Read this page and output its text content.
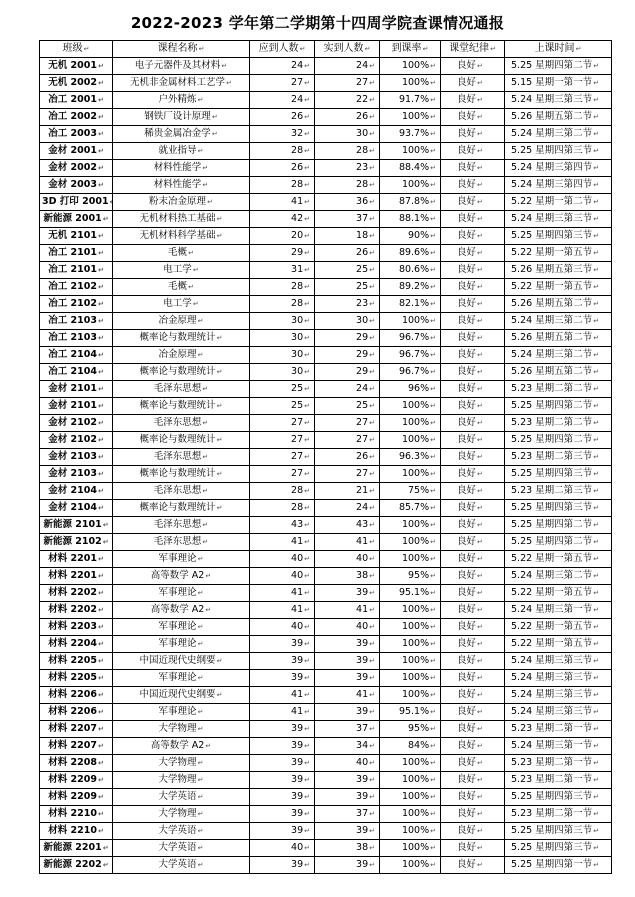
2022-2023 学年第二学期第十四周学院查课情况通报
班级 ↵	课程名称 ↵	应到人数 ↵	实到人数 ↵	到课率 ↵	课堂纪律 ↵	上课时间 ↵
无机 2001 ↵	电子元器件及其材料 ↵	24 ↵	24 ↵	100% ↵	良好 ↵	5.25 星期四第二节 ↵
无机 2002 ↵	无机非金属材料工艺学 ↵	27 ↵	27 ↵	100% ↵	良好 ↵	5.15 星期一第一节 ↵
冶工 2001 ↵	户外精炼 ↵	24 ↵	22 ↵	91.7% ↵	良好 ↵	5.24 星期三第三节 ↵
冶工 2002 ↵	钢铁厂设计原理 ↵	26 ↵	26 ↵	100% ↵	良好 ↵	5.26 星期五第二节 ↵
冶工 2003 ↵	稀贵金属冶金学 ↵	32 ↵	30 ↵	93.7% ↵	良好 ↵	5.24 星期三第二节 ↵
金材 2001 ↵	就业指导 ↵	28 ↵	28 ↵	100% ↵	良好 ↵	5.25 星期四第三节 ↵
金材 2002 ↵	材料性能学 ↵	26 ↵	23 ↵	88.4% ↵	良好 ↵	5.24 星期三第四节 ↵
金材 2003 ↵	材料性能学 ↵	28 ↵	28 ↵	100% ↵	良好 ↵	5.24 星期三第四节 ↵
3D 打印 2001 ↵	粉末冶金原理 ↵	41 ↵	36 ↵	87.8% ↵	良好 ↵	5.22 星期一第二节 ↵
新能源 2001 ↵	无机材料热工基础 ↵	42 ↵	37 ↵	88.1% ↵	良好 ↵	5.24 星期三第三节 ↵
无机 2101 ↵	无机材料科学基础 ↵	20 ↵	18 ↵	90% ↵	良好 ↵	5.25 星期四第三节 ↵
冶工 2101 ↵	毛概 ↵	29 ↵	26 ↵	89.6% ↵	良好 ↵	5.22 星期一第五节 ↵
冶工 2101 ↵	电工学 ↵	31 ↵	25 ↵	80.6% ↵	良好 ↵	5.26 星期五第三节 ↵
冶工 2102 ↵	毛概 ↵	28 ↵	25 ↵	89.2% ↵	良好 ↵	5.22 星期一第五节 ↵
冶工 2102 ↵	电工学 ↵	28 ↵	23 ↵	82.1% ↵	良好 ↵	5.26 星期五第二节 ↵
冶工 2103 ↵	冶金原理 ↵	30 ↵	30 ↵	100% ↵	良好 ↵	5.24 星期三第二节 ↵
冶工 2103 ↵	概率论与数理统计 ↵	30 ↵	29 ↵	96.7% ↵	良好 ↵	5.26 星期五第二节 ↵
冶工 2104 ↵	冶金原理 ↵	30 ↵	29 ↵	96.7% ↵	良好 ↵	5.24 星期三第二节 ↵
冶工 2104 ↵	概率论与数理统计 ↵	30 ↵	29 ↵	96.7% ↵	良好 ↵	5.26 星期五第二节 ↵
金材 2101 ↵	毛泽东思想 ↵	25 ↵	24 ↵	96% ↵	良好 ↵	5.23 星期二第二节 ↵
金材 2101 ↵	概率论与数理统计 ↵	25 ↵	25 ↵	100% ↵	良好 ↵	5.25 星期四第二节 ↵
金材 2102 ↵	毛泽东思想 ↵	27 ↵	27 ↵	100% ↵	良好 ↵	5.23 星期二第二节 ↵
金材 2102 ↵	概率论与数理统计 ↵	27 ↵	27 ↵	100% ↵	良好 ↵	5.25 星期四第二节 ↵
金材 2103 ↵	毛泽东思想 ↵	27 ↵	26 ↵	96.3% ↵	良好 ↵	5.23 星期二第三节 ↵
金材 2103 ↵	概率论与数理统计 ↵	27 ↵	27 ↵	100% ↵	良好 ↵	5.25 星期四第三节 ↵
金材 2104 ↵	毛泽东思想 ↵	28 ↵	21 ↵	75% ↵	良好 ↵	5.23 星期二第三节 ↵
金材 2104 ↵	概率论与数理统计 ↵	28 ↵	24 ↵	85.7% ↵	良好 ↵	5.25 星期四第三节 ↵
新能源 2101 ↵	毛泽东思想 ↵	43 ↵	43 ↵	100% ↵	良好 ↵	5.25 星期四第二节 ↵
新能源 2102 ↵	毛泽东思想 ↵	41 ↵	41 ↵	100% ↵	良好 ↵	5.25 星期四第二节 ↵
材料 2201 ↵	军事理论 ↵	40 ↵	40 ↵	100% ↵	良好 ↵	5.22 星期一第五节 ↵
材料 2201 ↵	高等数学 A2 ↵	40 ↵	38 ↵	95% ↵	良好 ↵	5.24 星期三第二节 ↵
材料 2202 ↵	军事理论 ↵	41 ↵	39 ↵	95.1% ↵	良好 ↵	5.22 星期一第五节 ↵
材料 2202 ↵	高等数学 A2 ↵	41 ↵	41 ↵	100% ↵	良好 ↵	5.24 星期三第一节 ↵
材料 2203 ↵	军事理论 ↵	40 ↵	40 ↵	100% ↵	良好 ↵	5.22 星期一第五节 ↵
材料 2204 ↵	军事理论 ↵	39 ↵	39 ↵	100% ↵	良好 ↵	5.22 星期一第五节 ↵
材料 2205 ↵	中国近现代史纲要 ↵	39 ↵	39 ↵	100% ↵	良好 ↵	5.24 星期三第三节 ↵
材料 2205 ↵	军事理论 ↵	39 ↵	39 ↵	100% ↵	良好 ↵	5.24 星期三第三节 ↵
材料 2206 ↵	中国近现代史纲要 ↵	41 ↵	41 ↵	100% ↵	良好 ↵	5.24 星期三第三节 ↵
材料 2206 ↵	军事理论 ↵	41 ↵	39 ↵	95.1% ↵	良好 ↵	5.24 星期三第三节 ↵
材料 2207 ↵	大学物理 ↵	39 ↵	37 ↵	95% ↵	良好 ↵	5.23 星期二第一节 ↵
材料 2207 ↵	高等数学 A2 ↵	39 ↵	34 ↵	84% ↵	良好 ↵	5.24 星期三第一节 ↵
材料 2208 ↵	大学物理 ↵	39 ↵	40 ↵	100% ↵	良好 ↵	5.23 星期二第一节 ↵
材料 2209 ↵	大学物理 ↵	39 ↵	39 ↵	100% ↵	良好 ↵	5.23 星期二第一节 ↵
材料 2209 ↵	大学英语 ↵	39 ↵	39 ↵	100% ↵	良好 ↵	5.25 星期四第三节 ↵
材料 2210 ↵	大学物理 ↵	39 ↵	37 ↵	100% ↵	良好 ↵	5.23 星期二第一节 ↵
材料 2210 ↵	大学英语 ↵	39 ↵	39 ↵	100% ↵	良好 ↵	5.25 星期四第三节 ↵
新能源 2201 ↵	大学英语 ↵	40 ↵	38 ↵	100% ↵	良好 ↵	5.25 星期四第三节 ↵
新能源 2202 ↵	大学英语 ↵	39 ↵	39 ↵	100% ↵	良好 ↵	5.25 星期四第一节 ↵
